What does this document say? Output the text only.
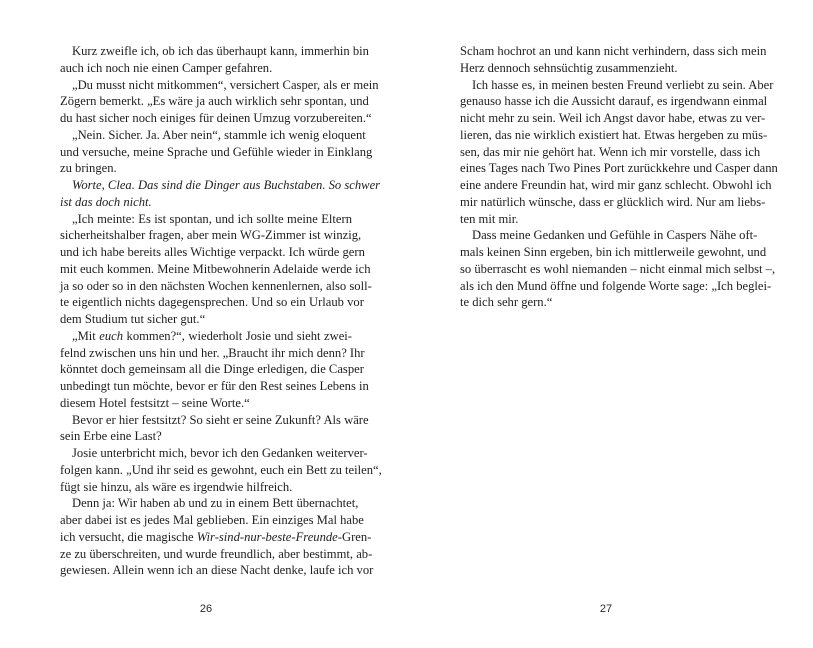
Kurz zweifle ich, ob ich das überhaupt kann, immerhin bin
auch ich noch nie einen Camper gefahren.
„Du musst nicht mitkommen“, versichert Casper, als er mein
Zögern bemerkt. „Es wäre ja auch wirklich sehr spontan, und
du hast sicher noch einiges für deinen Umzug vorzubereiten.“
„Nein. Sicher. Ja. Aber nein“, stammle ich wenig eloquent
und versuche, meine Sprache und Gefühle wieder in Einklang
zu bringen.
Worte, Clea. Das sind die Dinger aus Buchstaben. So schwer
ist das doch nicht.
„Ich meinte: Es ist spontan, und ich sollte meine Eltern
sicherheitshalber fragen, aber mein WG-Zimmer ist winzig,
und ich habe bereits alles Wichtige verpackt. Ich würde gern
mit euch kommen. Meine Mitbewohnerin Adelaide werde ich
ja so oder so in den nächsten Wochen kennenlernen, also soll-
te eigentlich nichts dagegensprechen. Und so ein Urlaub vor
dem Studium tut sicher gut.“
„Mit euch kommen?“, wiederholt Josie und sieht zwei-
felnd zwischen uns hin und her. „Braucht ihr mich denn? Ihr
könntet doch gemeinsam all die Dinge erledigen, die Casper
unbedingt tun möchte, bevor er für den Rest seines Lebens in
diesem Hotel festsitzt – seine Worte.“
Bevor er hier festsitzt? So sieht er seine Zukunft? Als wäre
sein Erbe eine Last?
Josie unterbricht mich, bevor ich den Gedanken weiterver-
folgen kann. „Und ihr seid es gewohnt, euch ein Bett zu teilen“,
fügt sie hinzu, als wäre es irgendwie hilfreich.
Denn ja: Wir haben ab und zu in einem Bett übernachtet,
aber dabei ist es jedes Mal geblieben. Ein einziges Mal habe
ich versucht, die magische Wir-sind-nur-beste-Freunde-Gren-
ze zu überschreiten, und wurde freundlich, aber bestimmt, ab-
gewiesen. Allein wenn ich an diese Nacht denke, laufe ich vor
26
Scham hochrot an und kann nicht verhindern, dass sich mein
Herz dennoch sehnsüchtig zusammenzieht.
Ich hasse es, in meinen besten Freund verliebt zu sein. Aber
genauso hasse ich die Aussicht darauf, es irgendwann einmal
nicht mehr zu sein. Weil ich Angst davor habe, etwas zu ver-
lieren, das nie wirklich existiert hat. Etwas hergeben zu müs-
sen, das mir nie gehört hat. Wenn ich mir vorstelle, dass ich
eines Tages nach Two Pines Port zurückkehre und Casper dann
eine andere Freundin hat, wird mir ganz schlecht. Obwohl ich
mir natürlich wünsche, dass er glücklich wird. Nur am liebs-
ten mit mir.
Dass meine Gedanken und Gefühle in Caspers Nähe oft-
mals keinen Sinn ergeben, bin ich mittlerweile gewohnt, und
so überrascht es wohl niemanden – nicht einmal mich selbst –,
als ich den Mund öffne und folgende Worte sage: „Ich beglei-
te dich sehr gern.“
27
